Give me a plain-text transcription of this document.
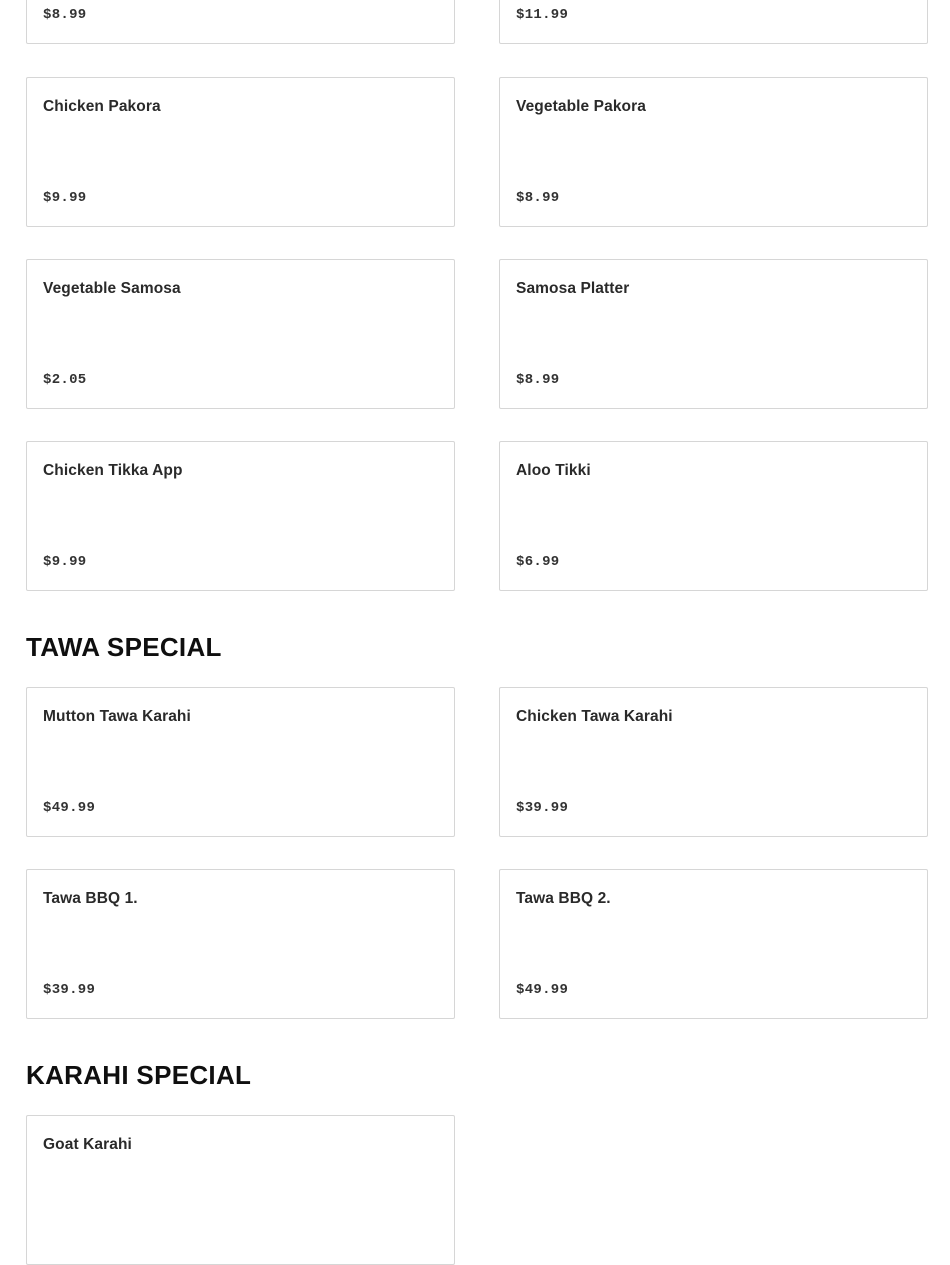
$8.99	$11.99
Chicken Pakora
$9.99
Vegetable Pakora
$8.99
Vegetable Samosa
$2.05
Samosa Platter
$8.99
Chicken Tikka App
$9.99
Aloo Tikki
$6.99
TAWA SPECIAL
Mutton Tawa Karahi
$49.99
Chicken Tawa Karahi
$39.99
Tawa BBQ 1.
$39.99
Tawa BBQ 2.
$49.99
KARAHI SPECIAL
Goat Karahi
